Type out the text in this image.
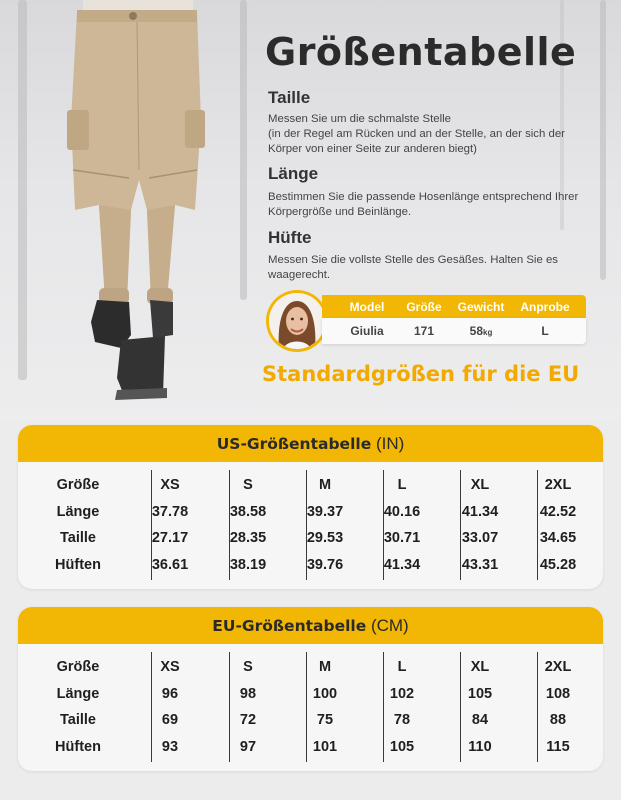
Größentabelle
Taille
Messen Sie um die schmalste Stelle
(in der Regel am Rücken und an der Stelle, an der sich der Körper von einer Seite zur anderen biegt)
Länge
Bestimmen Sie die passende Hosenlänge entsprechend Ihrer Körpergröße und Beinlänge.
Hüfte
Messen Sie die vollste Stelle des Gesäßes. Halten Sie es waagerecht.
Model	Größe	Gewicht	Anprobe
Giulia	171	58kg	L
Standardgrößen für die EU
US-Größentabelle (IN)
Größe	XS	S	M	L	XL	2XL
Länge	37.78	38.58	39.37	40.16	41.34	42.52
Taille	27.17	28.35	29.53	30.71	33.07	34.65
Hüften	36.61	38.19	39.76	41.34	43.31	45.28
EU-Größentabelle (CM)
Größe	XS	S	M	L	XL	2XL
Länge	96	98	100	102	105	108
Taille	69	72	75	78	84	88
Hüften	93	97	101	105	110	115
